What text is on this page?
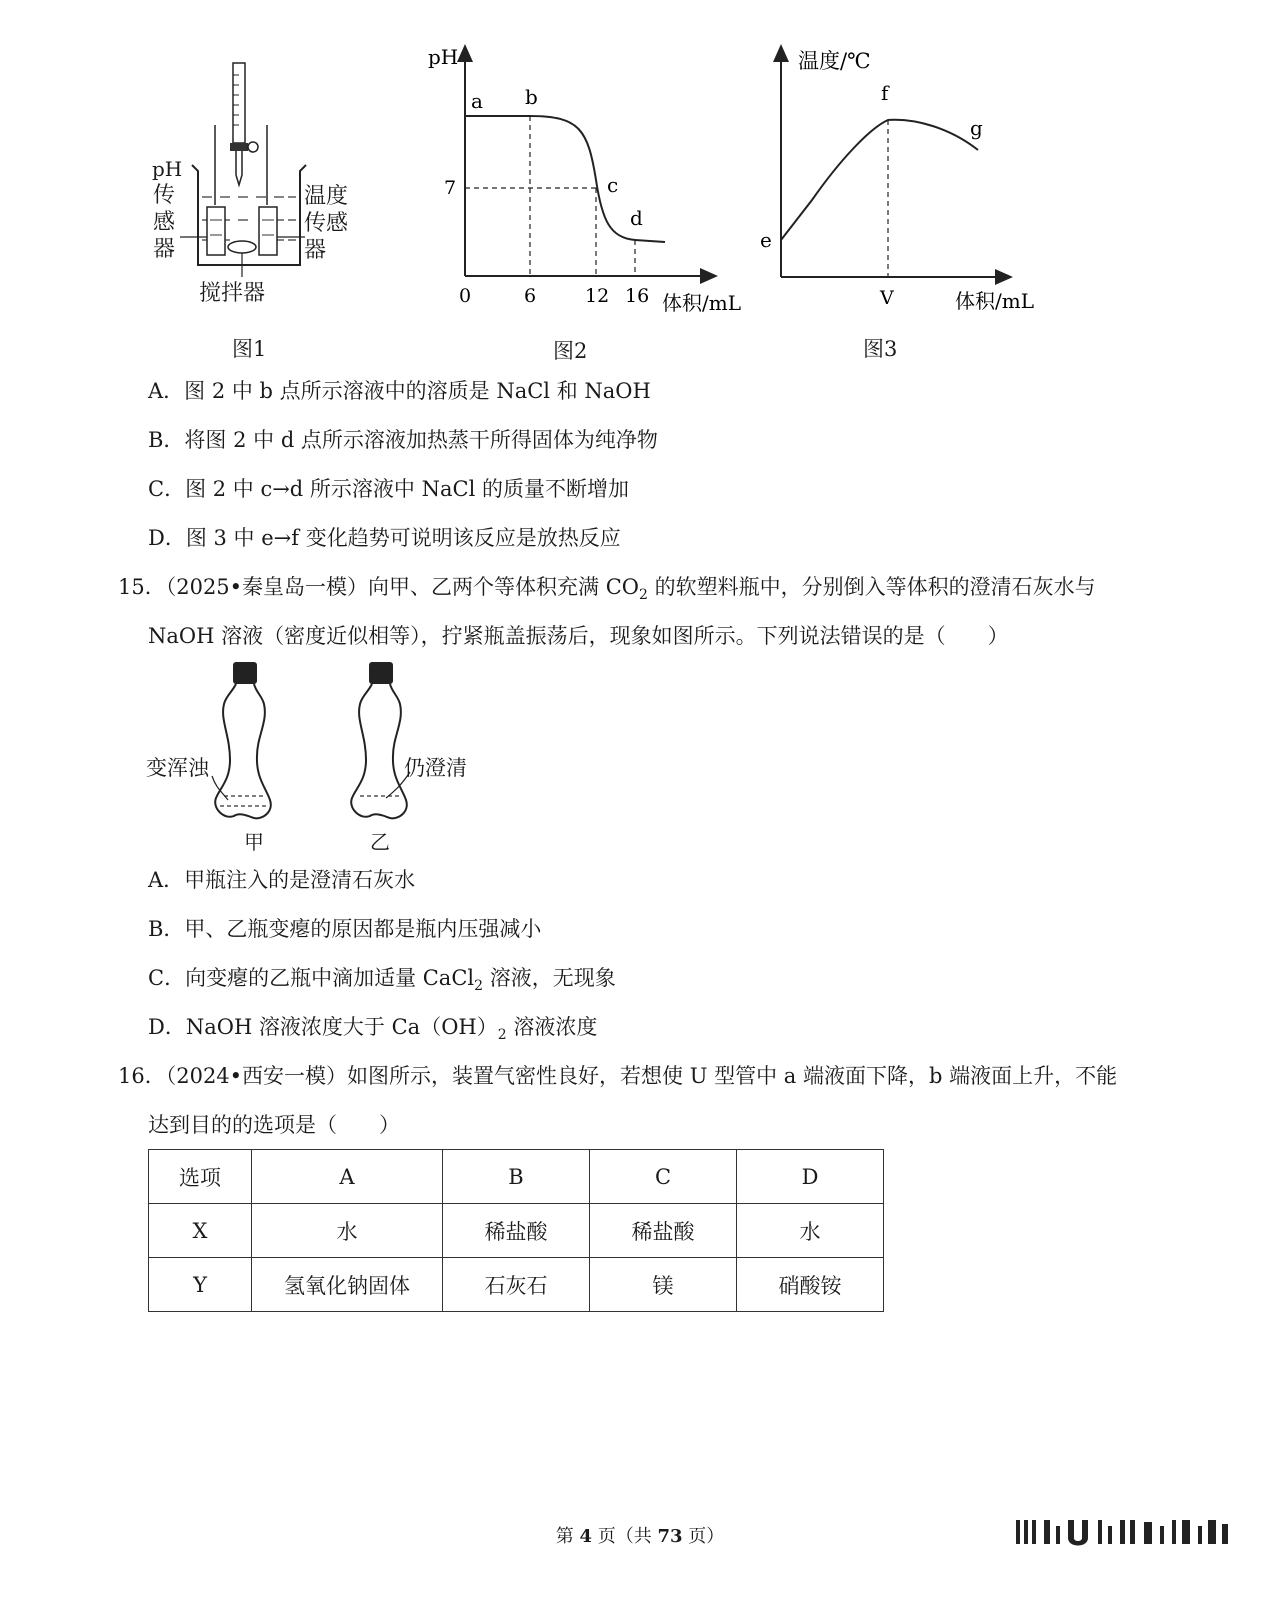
pH
传感器
温度传感器
搅拌器
图1
pH
a b
c
d
7
0	6	12 16 体积/mL
图2
温度/℃
e
f
g
V	体积/mL
图3
A．图 2 中 b 点所示溶液中的溶质是 NaCl 和 NaOH
B．将图 2 中 d 点所示溶液加热蒸干所得固体为纯净物
C．图 2 中 c→d 所示溶液中 NaCl 的质量不断增加
D．图 3 中 e→f 变化趋势可说明该反应是放热反应
15．（2025•秦皇岛一模）向甲、乙两个等体积充满 $CO_2$ 的软塑料瓶中，分别倒入等体积的澄清石灰水与
NaOH 溶液（密度近似相等），拧紧瓶盖振荡后，现象如图所示。下列说法错误的是（　　）
变浑浊	仍澄清
甲	乙
A．甲瓶注入的是澄清石灰水
B．甲、乙瓶变瘪的原因都是瓶内压强减小
C．向变瘪的乙瓶中滴加适量 CaCl$_2$ 溶液，无现象
D．NaOH 溶液浓度大于 $Ca(OH)_2$ 溶液浓度
16．（2024•西安一模）如图所示，装置气密性良好，若想使 U 型管中 a 端液面下降，b 端液面上升，不能
达到目的的选项是（　　）
选项	A	B	C	D
X	水	稀盐酸	稀盐酸	水
Y	氢氧化钠固体	石灰石	镁	硝酸铵
第 4 页（共 73 页）
